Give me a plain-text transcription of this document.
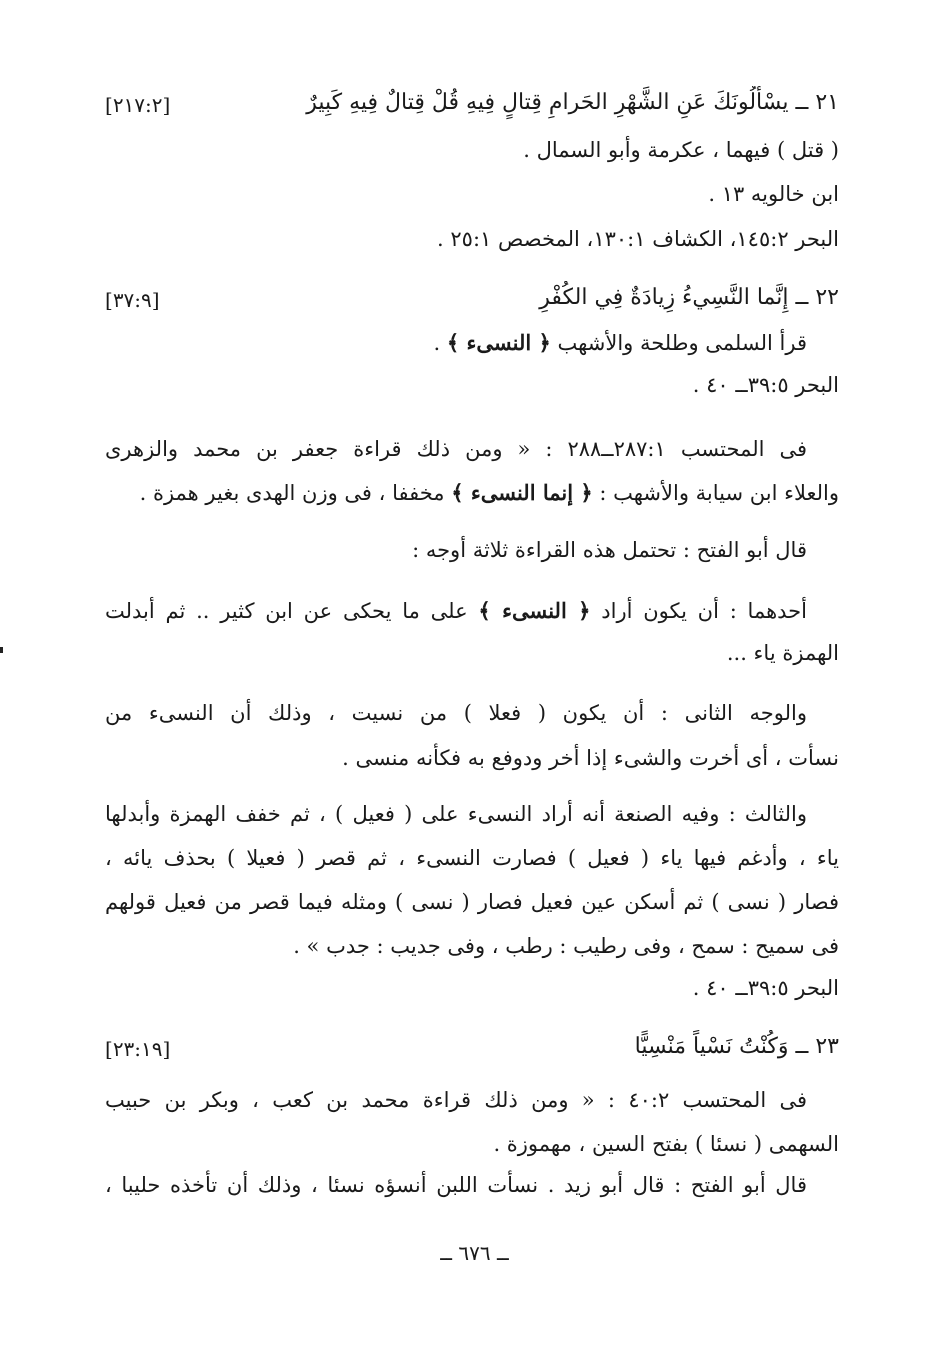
٢١ ــ يسْأَلُونَكَ عَنِ الشَّهْرِ الحَرامِ قِتالٍ فِيهِ قُلْ قِتالٌ فِيهِ كَبِيرٌ
[٢١٧:٢]
( قتل ) فيهما ، عكرمة وأبو السمال .
ابن خالويه ١٣ .
البحر ١٤٥:٢، الكشاف ١٣٠:١، المخصص ٢٥:١ .
٢٢ ــ إِنَّما النَّسِيءُ زِيادَةٌ فِي الكُفْرِ
[٣٧:٩]
قرأ السلمى وطلحة والأشهب ﴿ النسىء ﴾ .
البحر ٣٩:٥ــ ٤٠ .
فى المحتسب ٢٨٧:١ــ٢٨٨ : « ومن ذلك قراءة جعفر بن محمد والزهرى
والعلاء ابن سيابة والأشهب : ﴿ إنما النسىء ﴾ مخففا ، فى وزن الهدى بغير همزة .
قال أبو الفتح : تحتمل هذه القراءة ثلاثة أوجه :
أحدهما : أن يكون أراد ﴿ النسىء ﴾ على ما يحكى عن ابن كثير .. ثم أبدلت
الهمزة ياء ...
والوجه الثانى : أن يكون ( فعلا ) من نسيت ، وذلك أن النسىء من
نسأت ، أى أخرت والشىء إذا أخر ودوفع به فكأنه منسى .
والثالث : وفيه الصنعة أنه أراد النسىء على ( فعيل ) ، ثم خفف الهمزة وأبدلها
ياء ، وأدغم فيها ياء ( فعيل ) فصارت النسىء ، ثم قصر ( فعيلا ) بحذف يائه ،
فصار ( نسى ) ثم أسكن عين فعيل فصار ( نسى ) ومثله فيما قصر من فعيل قولهم
فى سميح : سمح ، وفى رطيب : رطب ، وفى جديب : جدب » .
البحر ٣٩:٥ــ ٤٠ .
٢٣ ــ وَكُنْتُ نَسْياً مَنْسِيًّا
[٢٣:١٩]
فى المحتسب ٤٠:٢ : « ومن ذلك قراءة محمد بن كعب ، وبكر بن حبيب
السهمى ( نسئا ) بفتح السين ، مهموزة .
قال أبو الفتح : قال أبو زيد . نسأت اللبن أنسؤه نسئا ، وذلك أن تأخذه حليبا ،
ــ ٦٧٦ ــ
